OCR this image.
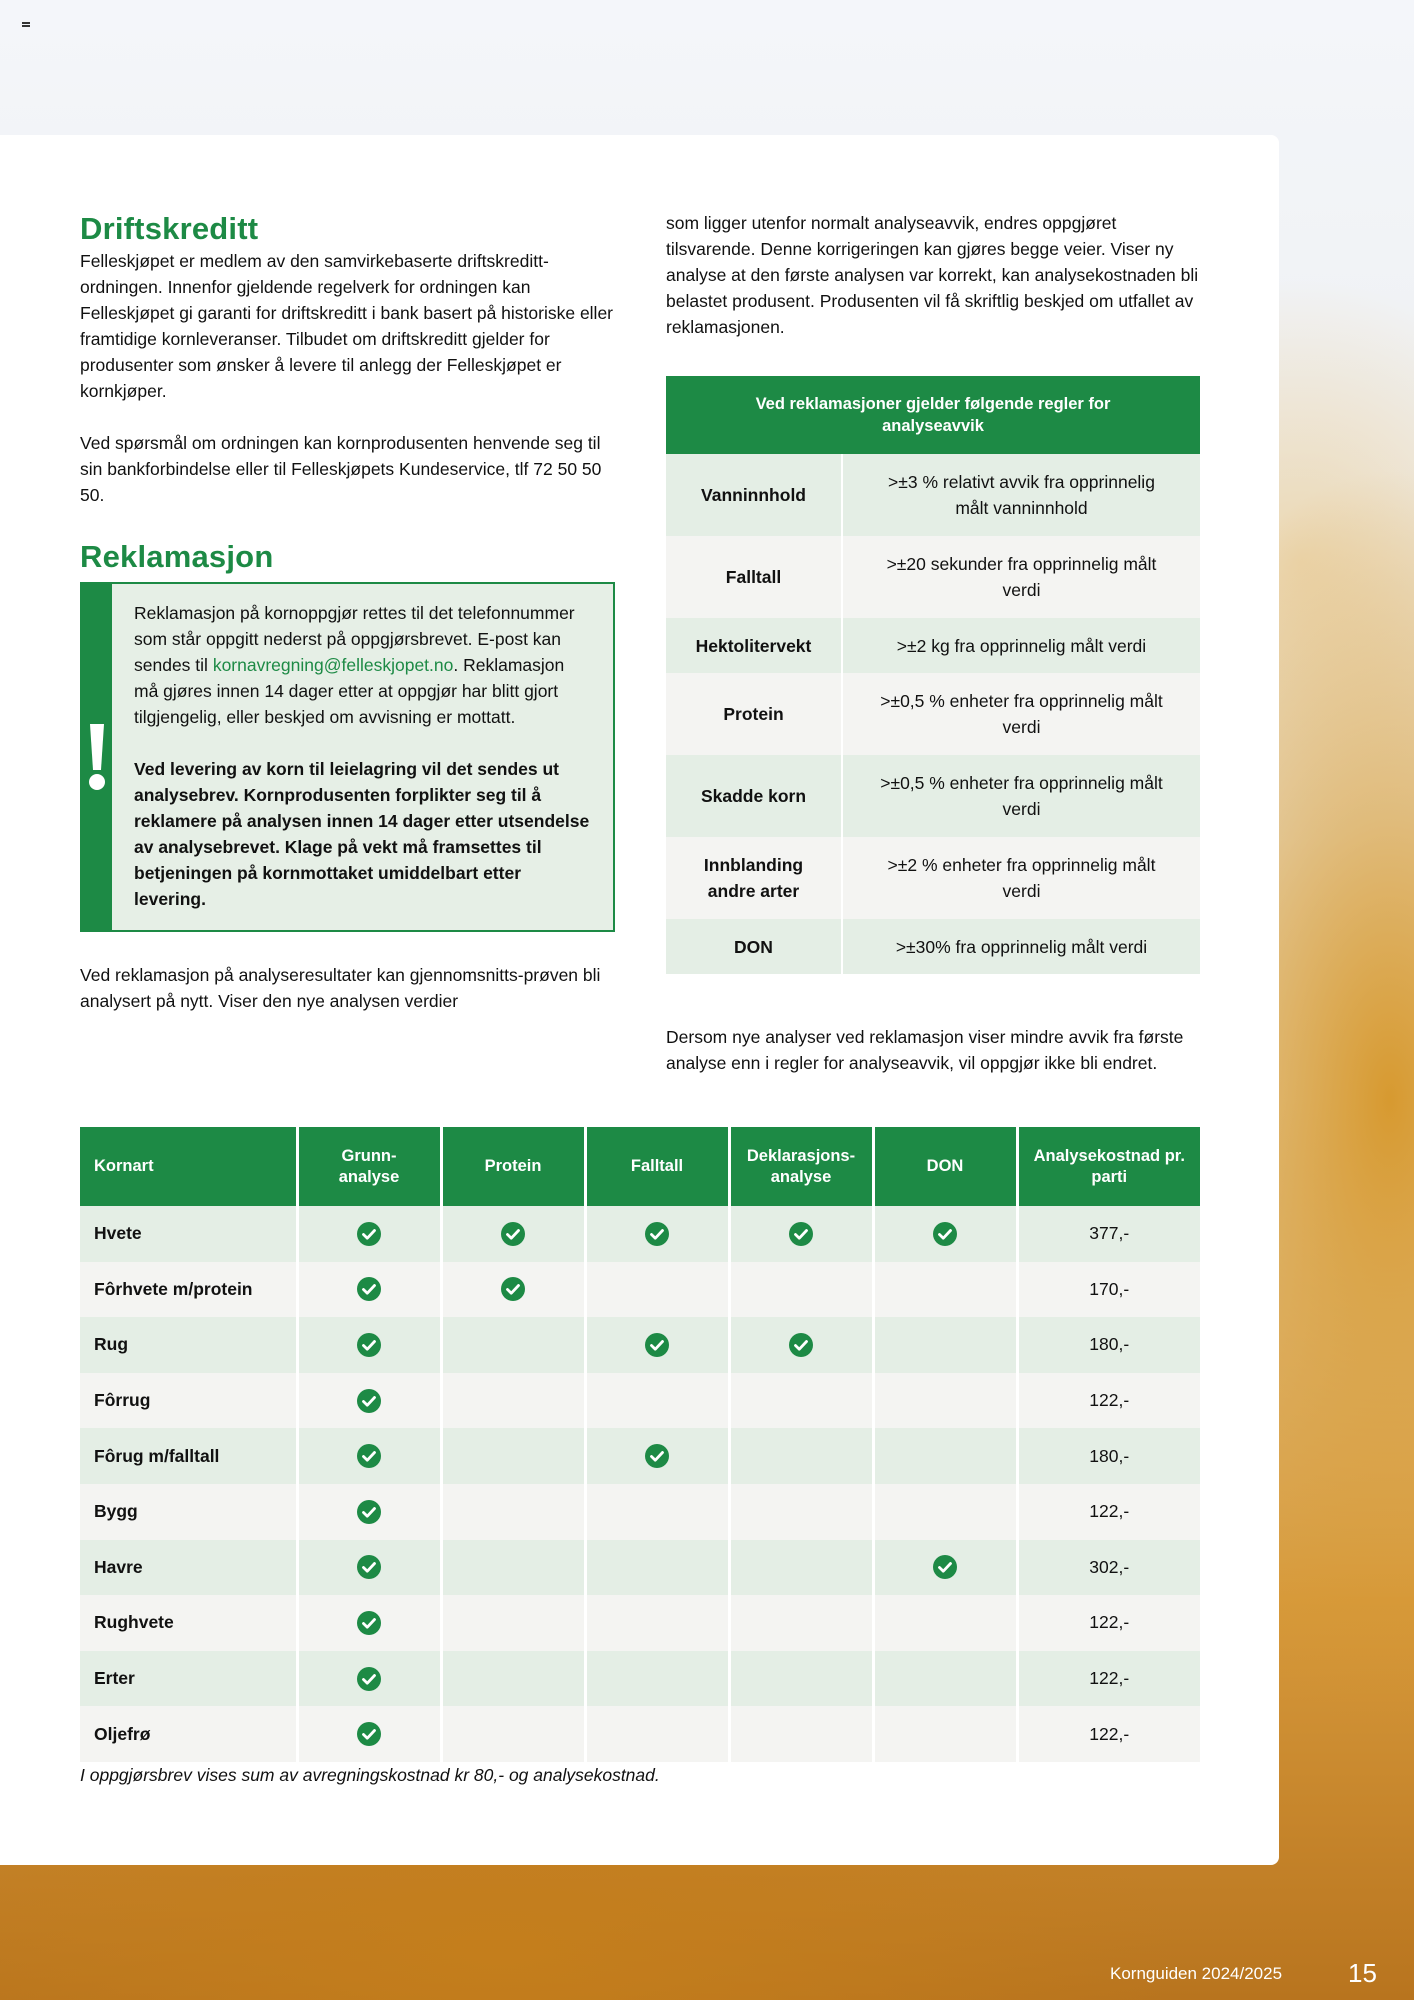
Driftskreditt

Felleskjøpet er medlem av den samvirkebaserte driftskreditt-ordningen. Innenfor gjeldende regelverk for ordningen kan Felleskjøpet gi garanti for driftskreditt i bank basert på historiske eller framtidige kornleveranser. Tilbudet om driftskreditt gjelder for produsenter som ønsker å levere til anlegg der Felleskjøpet er kornkjøper.

Ved spørsmål om ordningen kan kornprodusenten henvende seg til sin bankforbindelse eller til Felleskjøpets Kundeservice, tlf 72 50 50 50.

Reklamasjon

Reklamasjon på kornoppgjør rettes til det telefonnummer som står oppgitt nederst på oppgjørsbrevet. E-post kan sendes til kornavregning@felleskjopet.no. Reklamasjon må gjøres innen 14 dager etter at oppgjør har blitt gjort tilgjengelig, eller beskjed om avvisning er mottatt.

Ved levering av korn til leielagring vil det sendes ut analysebrev. Kornprodusenten forplikter seg til å reklamere på analysen innen 14 dager etter utsendelse av analysebrevet. Klage på vekt må framsettes til betjeningen på kornmottaket umiddelbart etter levering.

Ved reklamasjon på analyseresultater kan gjennomsnitts-prøven bli analysert på nytt. Viser den nye analysen verdier

som ligger utenfor normalt analyseavvik, endres oppgjøret tilsvarende. Denne korrigeringen kan gjøres begge veier. Viser ny analyse at den første analysen var korrekt, kan analysekostnaden bli belastet produsent. Produsenten vil få skriftlig beskjed om utfallet av reklamasjonen.

Ved reklamasjoner gjelder følgende regler for analyseavvik	
Vanninnhold	>±3 % relativt avvik fra opprinnelig målt vanninnhold
Falltall	>±20 sekunder fra opprinnelig målt verdi
Hektolitervekt	>±2 kg fra opprinnelig målt verdi
Protein	>±0,5 % enheter fra opprinnelig målt verdi
Skadde korn	>±0,5 % enheter fra opprinnelig målt verdi
Innblanding andre arter	>±2 % enheter fra opprinnelig målt verdi
DON	>±30% fra opprinnelig målt verdi

Dersom nye analyser ved reklamasjon viser mindre avvik fra første analyse enn i regler for analyseavvik, vil oppgjør ikke bli endret.

Kornart	Grunn-analyse	Protein	Falltall	Deklarasjons-analyse	DON	Analysekostnad pr. parti
Hvete						377,-
Fôrhvete m/protein						170,-
Rug						180,-
Fôrrug						122,-
Fôrug m/falltall						180,-
Bygg						122,-
Havre						302,-
Rughvete						122,-
Erter						122,-
Oljefrø						122,-
I oppgjørsbrev vises sum av avregningskostnad kr 80,- og analysekostnad.
Kornguiden 2024/2025	15
